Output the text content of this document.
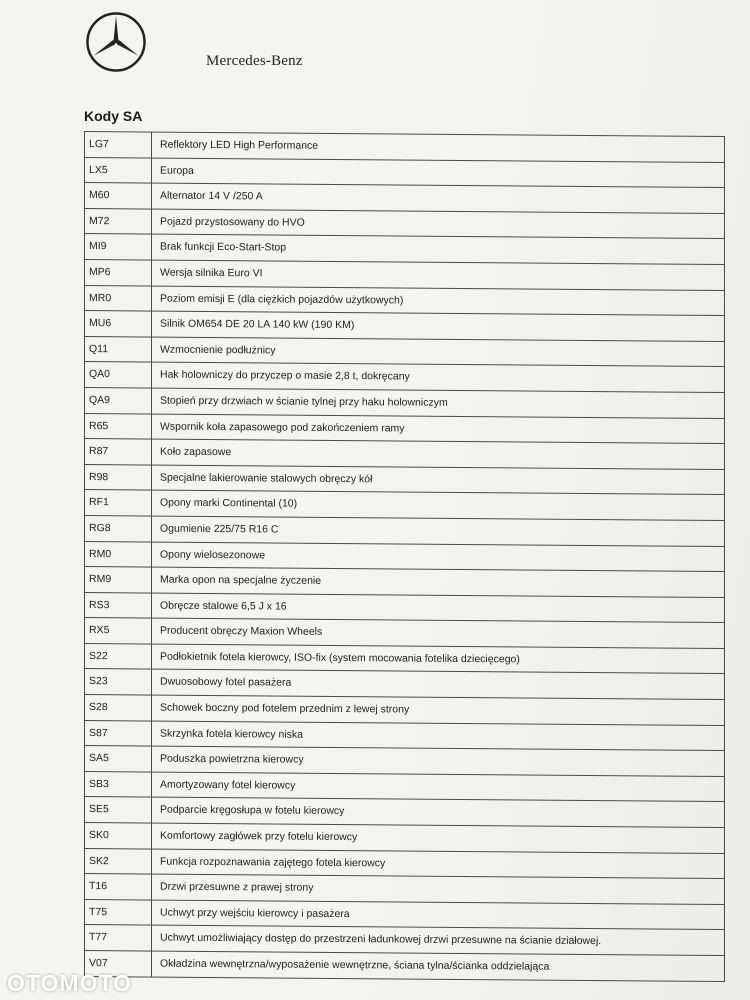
Mercedes-Benz
Kody SA
LG7	Reflektory LED High Performance
LX5	Europa
M60	Alternator 14 V /250 A
M72	Pojazd przystosowany do HVO
MI9	Brak funkcji Eco-Start-Stop
MP6	Wersja silnika Euro VI
MR0	Poziom emisji E (dla ciężkich pojazdów użytkowych)
MU6	Silnik OM654 DE 20 LA 140 kW (190 KM)
Q11	Wzmocnienie podłużnicy
QA0	Hak holowniczy do przyczep o masie 2,8 t, dokręcany
QA9	Stopień przy drzwiach w ścianie tylnej przy haku holowniczym
R65	Wspornik koła zapasowego pod zakończeniem ramy
R87	Koło zapasowe
R98	Specjalne lakierowanie stalowych obręczy kół
RF1	Opony marki Continental (10)
RG8	Ogumienie 225/75 R16 C
RM0	Opony wielosezonowe
RM9	Marka opon na specjalne życzenie
RS3	Obręcze stalowe 6,5 J x 16
RX5	Producent obręczy Maxion Wheels
S22	Podłokietnik fotela kierowcy, ISO-fix (system mocowania fotelika dziecięcego)
S23	Dwuosobowy fotel pasażera
S28	Schowek boczny pod fotelem przednim z lewej strony
S87	Skrzynka fotela kierowcy niska
SA5	Poduszka powietrzna kierowcy
SB3	Amortyzowany fotel kierowcy
SE5	Podparcie kręgosłupa w fotelu kierowcy
SK0	Komfortowy zagłówek przy fotelu kierowcy
SK2	Funkcja rozpoznawania zajętego fotela kierowcy
T16	Drzwi przesuwne z prawej strony
T75	Uchwyt przy wejściu kierowcy i pasażera
T77	Uchwyt umożliwiający dostęp do przestrzeni ładunkowej drzwi przesuwne na ścianie działowej.
V07	Okładzina wewnętrzna/wyposażenie wewnętrzne, ściana tylna/ścianka oddzielająca
OTOMOTO
